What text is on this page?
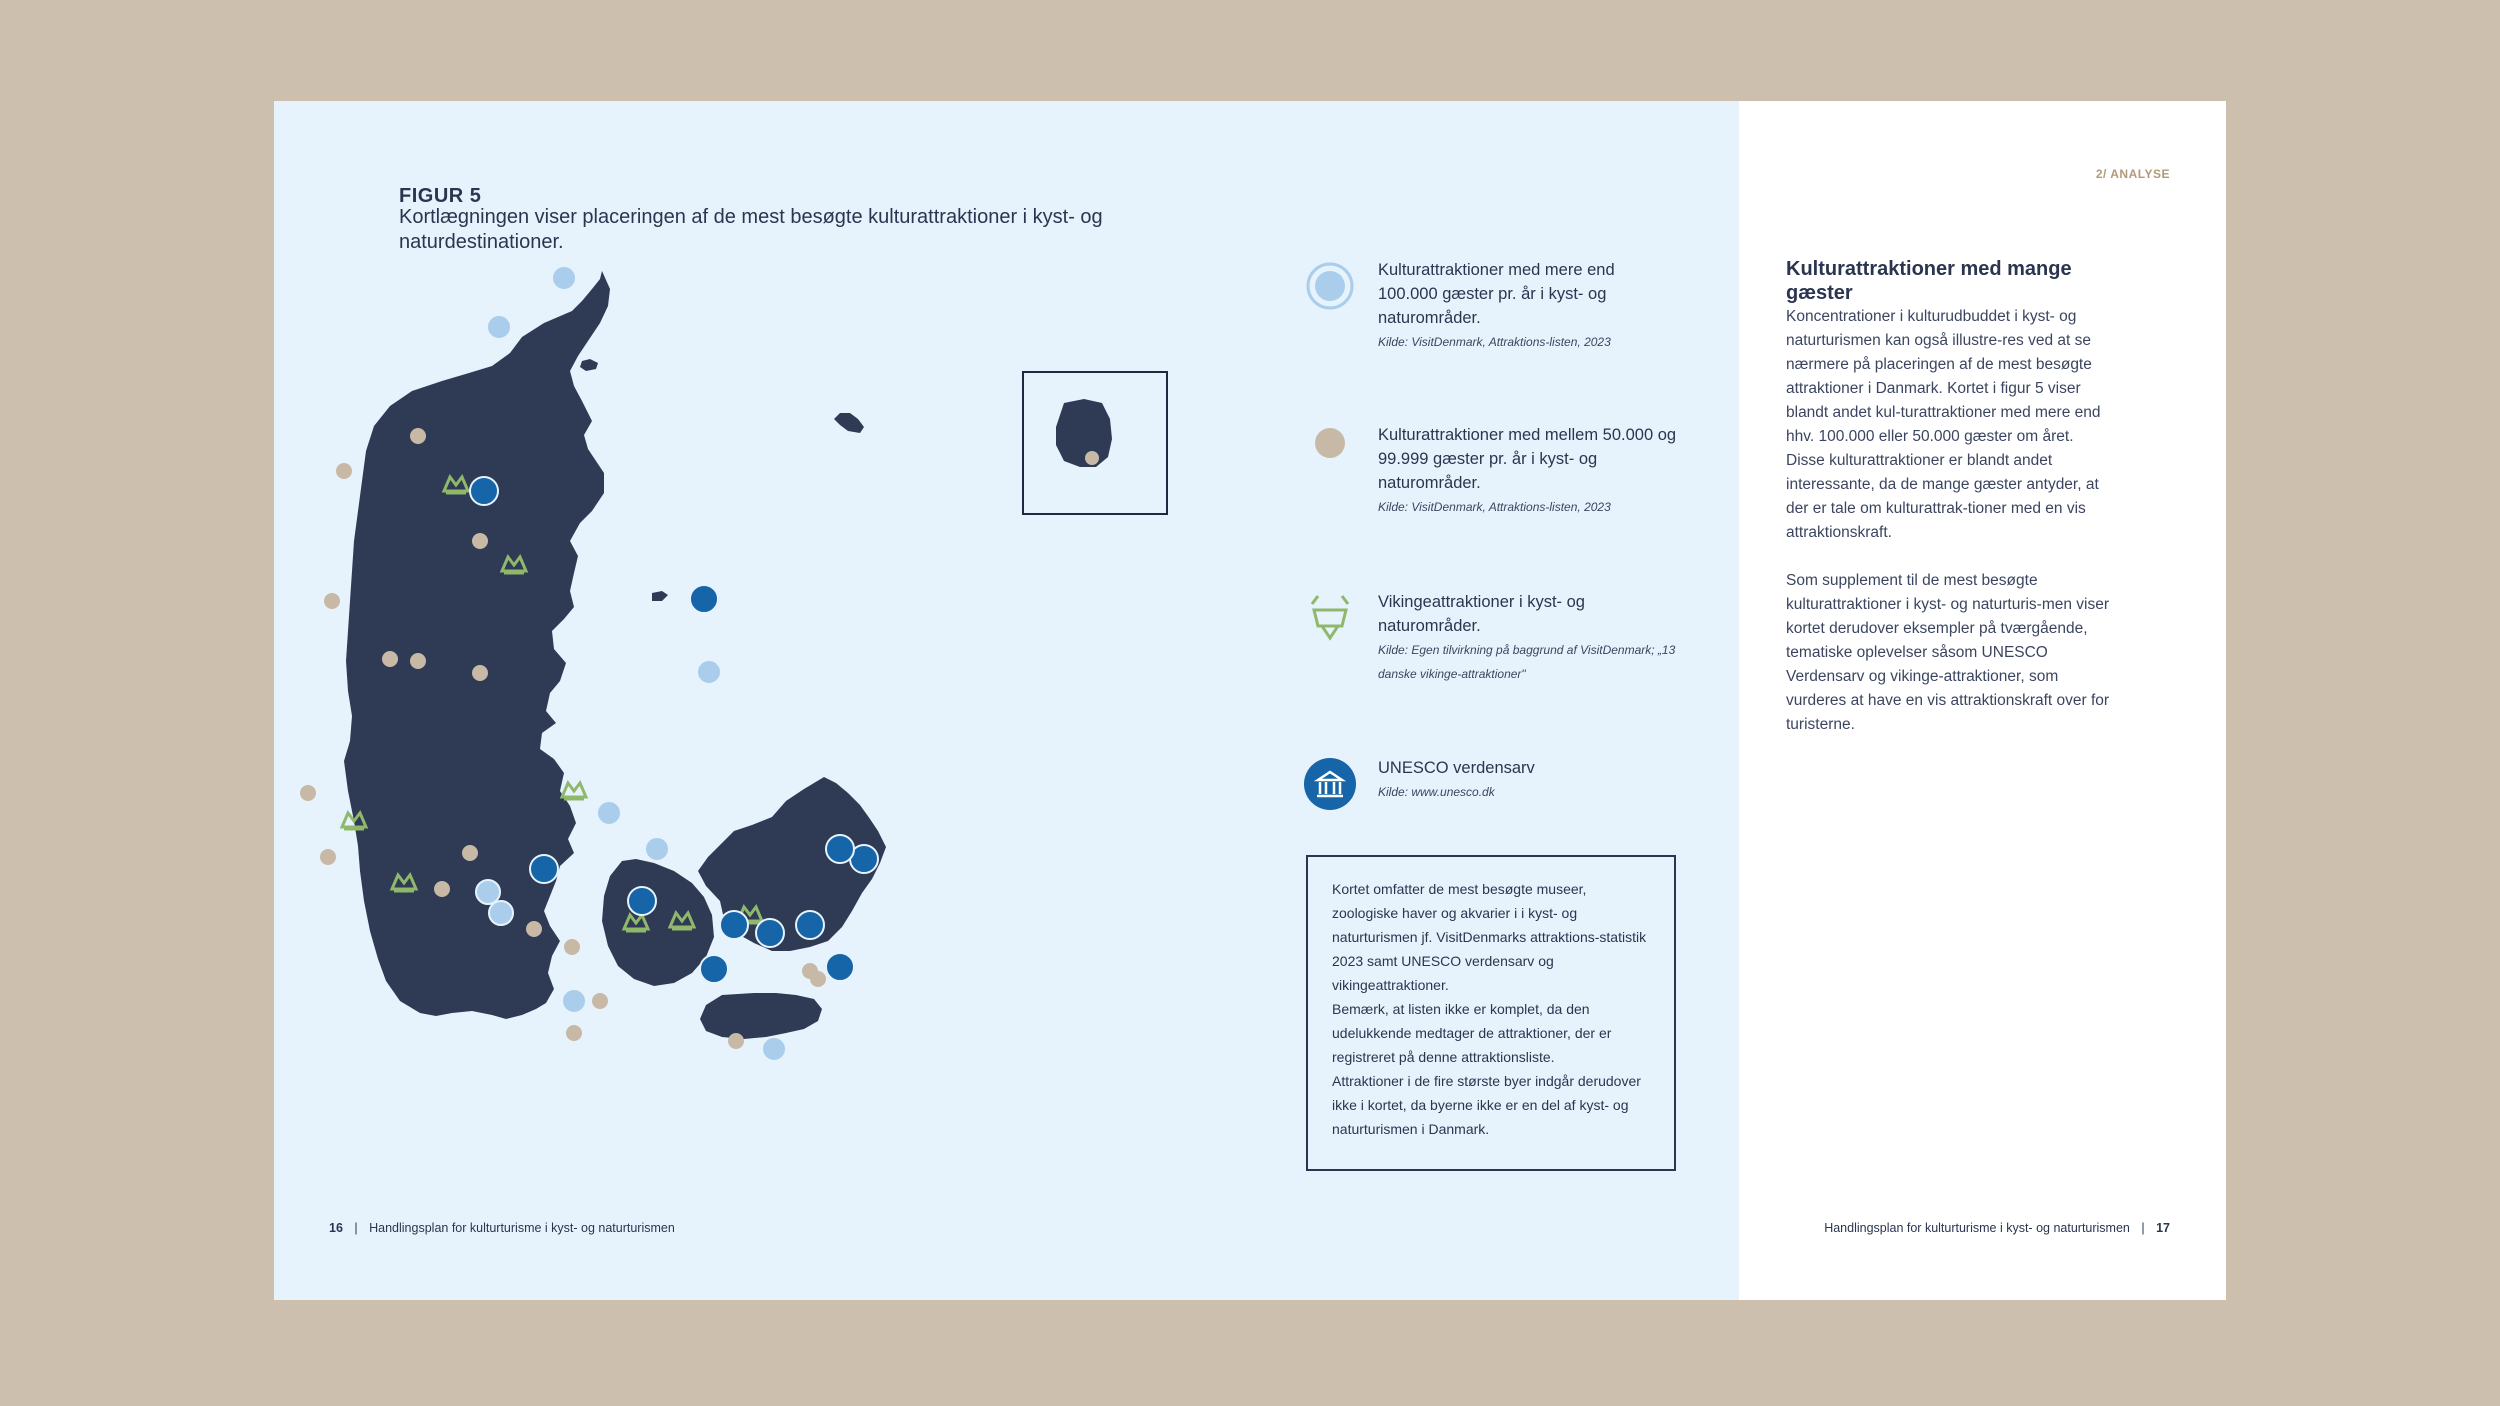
FIGUR 5
Kortlægningen viser placeringen af de mest besøgte kulturattraktioner i kyst- og naturdestinationer.
Kulturattraktioner med mere end 100.000 gæster pr. år i kyst- og naturområder.
Kilde: VisitDenmark, Attraktions-listen, 2023
Kulturattraktioner med mellem 50.000 og 99.999 gæster pr. år i kyst- og naturområder.
Kilde: VisitDenmark, Attraktions-listen, 2023
Vikingeattraktioner i kyst- og naturområder.
Kilde: Egen tilvirkning på baggrund af VisitDenmark; „13 danske vikinge-attraktioner"
UNESCO verdensarv
Kilde: www.unesco.dk
Kortet omfatter de mest besøgte museer, zoologiske haver og akvarier i i kyst- og naturturismen jf. VisitDenmarks attraktions-statistik 2023 samt UNESCO verdensarv og vikingeattraktioner.
Bemærk, at listen ikke er komplet, da den udelukkende medtager de attraktioner, der er registreret på denne attraktionsliste.
Attraktioner i de fire største byer indgår derudover ikke i kortet, da byerne ikke er en del af kyst- og naturturismen i Danmark.
16 | Handlingsplan for kulturturisme i kyst- og naturturismen
2/ ANALYSE
Kulturattraktioner med mange gæster

Koncentrationer i kulturudbuddet i kyst- og naturturismen kan også illustre-res ved at se nærmere på placeringen af de mest besøgte attraktioner i Danmark. Kortet i figur 5 viser blandt andet kul-turattraktioner med mere end hhv. 100.000 eller 50.000 gæster om året. Disse kulturattraktioner er blandt andet interessante, da de mange gæster antyder, at der er tale om kulturattrak-tioner med en vis attraktionskraft.

Som supplement til de mest besøgte kulturattraktioner i kyst- og naturturis-men viser kortet derudover eksempler på tværgående, tematiske oplevelser såsom UNESCO Verdensarv og vikinge-attraktioner, som vurderes at have en vis attraktionskraft over for turisterne.

Handlingsplan for kulturturisme i kyst- og naturturismen | 17
